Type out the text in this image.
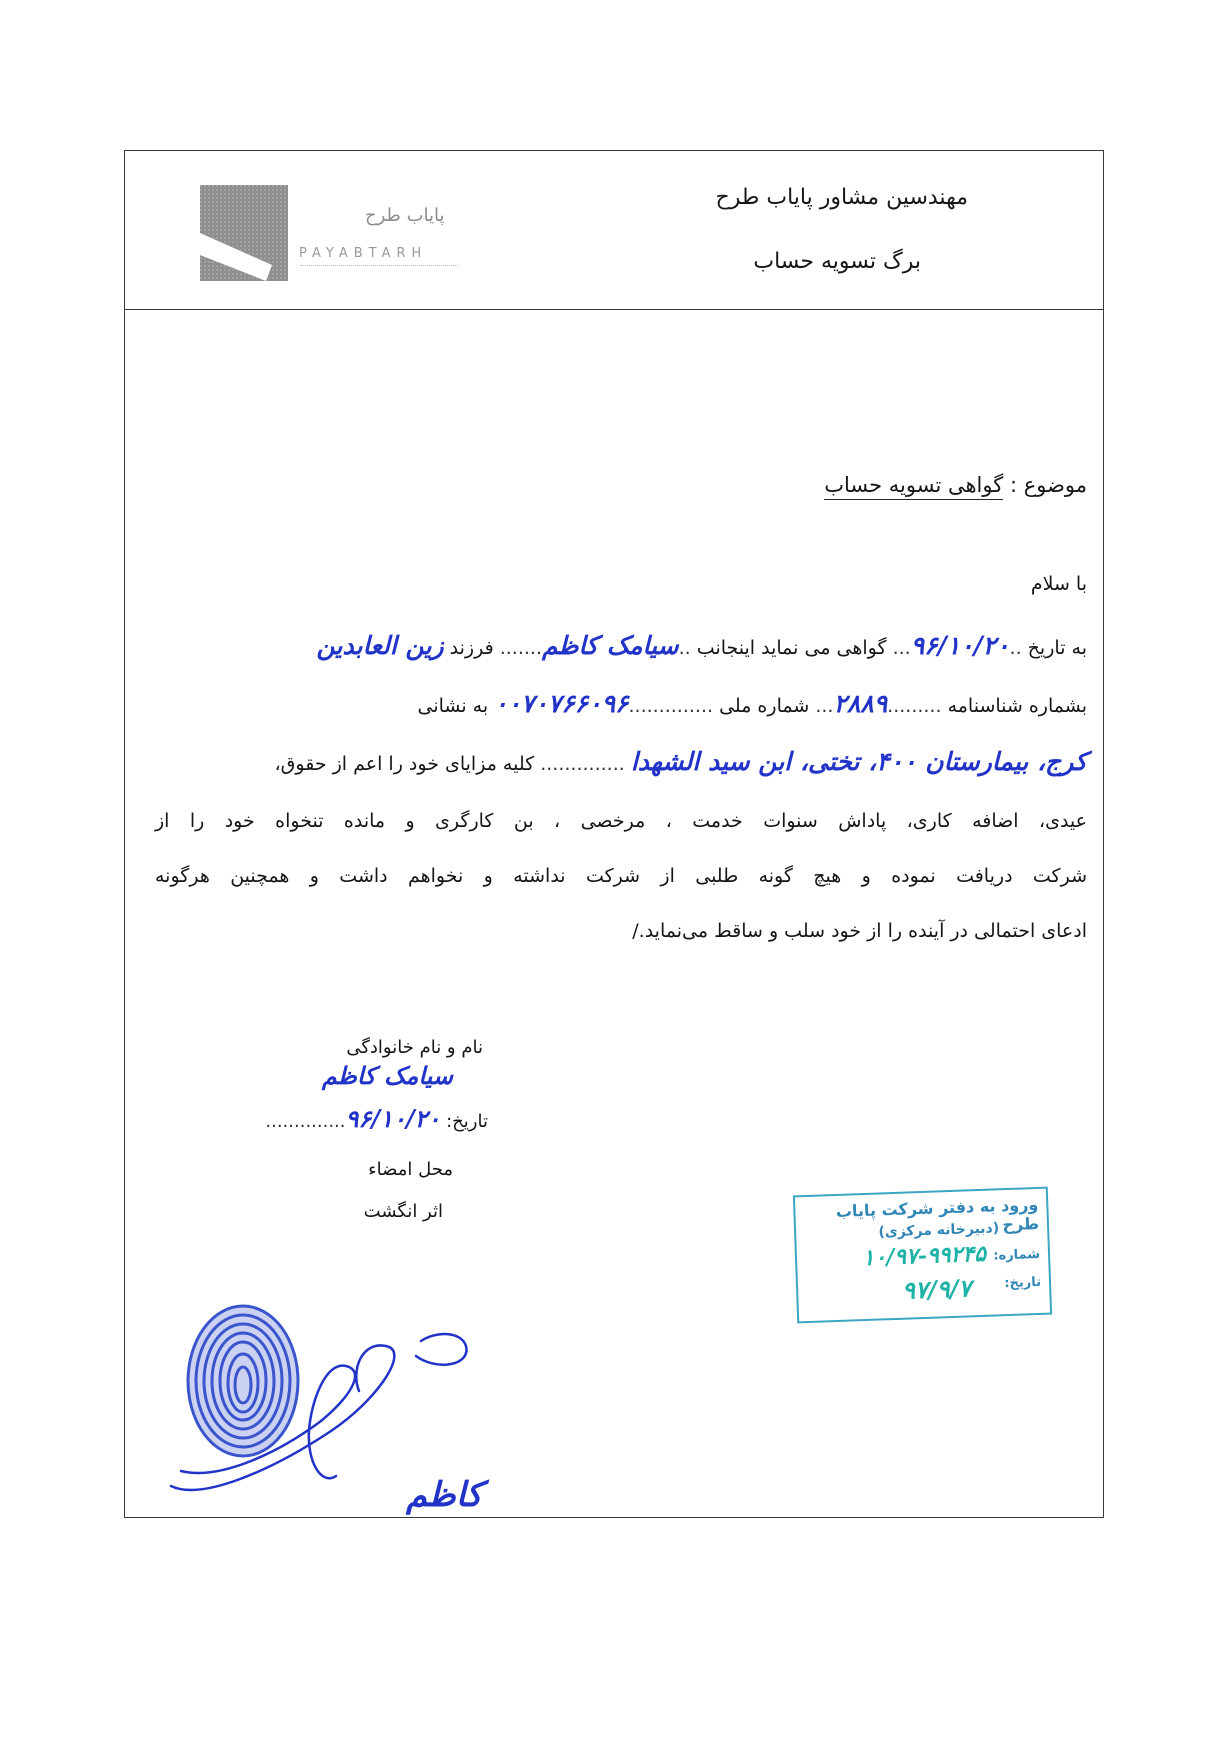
مهندسین مشاور پایاب طرح
برگ تسویه حساب
پایاب طرح
PAYABTARH
موضوع : گواهی تسویه حساب
با سلام
به تاریخ ..۹۶/۱۰/۲۰... گواهی می نماید اینجانب ..سیامک کاظم....... فرزند زین العابدین
بشماره شناسنامه .........۲۸۸۹... شماره ملی ..............۰۰۷۰۷۶۶۰۹۶ به نشانی
کرج، بیمارستان ۴۰۰، تختی، ابن سید الشهدا .............. کلیه مزایای خود را اعم از حقوق،
عیدی، اضافه کاری، پاداش سنوات خدمت ، مرخصی ، بن کارگری و مانده تنخواه خود را از
شرکت دریافت نموده و هیچ گونه طلبی از شرکت نداشته و نخواهم داشت و همچنین هرگونه
ادعای احتمالی در آینده را از خود سلب و ساقط می‌نماید./
نام و نام خانوادگی
سیامک کاظم
تاریخ: ۹۶/۱۰/۲۰..............
محل امضاء
اثر انگشت
کاظم
ورود به دفتر شرکت پایاب طرح
(دبیرخانه مرکزی)
شماره:
۱۰/۹۷-۹۹۲۴۵
تاریخ:
۹۷/۹/۷
